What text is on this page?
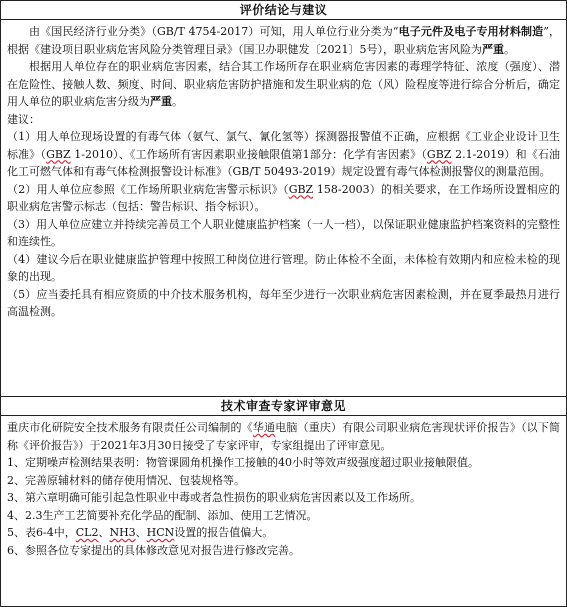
评价结论与建议

由《国民经济行业分类》（GB/T 4754-2017）可知，用人单位行业分类为“电子元件及电子专用材料制造”，根据《建设项目职业病危害风险分类管理目录》（国卫办职健发〔2021〕5号），职业病危害风险为严重。

根据用人单位存在的职业病危害因素，结合其工作场所存在职业病危害因素的毒理学特征、浓度（强度）、潜在危险性、接触人数、频度、时间、职业病危害防护措施和发生职业病的危（风）险程度等进行综合分析后，确定用人单位的职业病危害分级为严重。

建议：

（1）用人单位现场设置的有毒气体（氨气、氯气、氰化氢等）探测器报警值不正确，应根据《工业企业设计卫生标准》（GBZ 1-2010）、《工作场所有害因素职业接触限值第1部分：化学有害因素》（GBZ 2.1-2019）和《石油化工可燃气体和有毒气体检测报警设计标准》（GB/T 50493-2019）规定设置有毒气体检测报警仪的测量范围。

（2）用人单位应参照《工作场所职业病危害警示标识》（GBZ 158-2003）的相关要求，在工作场所设置相应的职业病危害警示标志（包括：警告标识、指令标识）。

（3）用人单位应建立并持续完善员工个人职业健康监护档案（一人一档），以保证职业健康监护档案资料的完整性和连续性。

（4）建议今后在职业健康监护管理中按照工种岗位进行管理。防止体检不全面，未体检有效期内和应检未检的现象的出现。

（5）应当委托具有相应资质的中介技术服务机构，每年至少进行一次职业病危害因素检测，并在夏季最热月进行高温检测。

技术审查专家评审意见

重庆市化研院安全技术服务有限责任公司编制的《华通电脑（重庆）有限公司职业病危害现状评价报告》（以下简称《评价报告》）于2021年3月30日接受了专家评审，专家组提出了评审意见。

1、定期噪声检测结果表明：物管课圆角机操作工接触的40小时等效声级强度超过职业接触限值。

2、完善原辅材料的储存使用情况、包装规格等。

3、第六章明确可能引起急性职业中毒或者急性损伤的职业病危害因素以及工作场所。

4、2.3生产工艺简要补充化学品的配制、添加、使用工艺情况。

5、表6-4中，CL2、NH3、HCN设置的报告值偏大。

6、参照各位专家提出的具体修改意见对报告进行修改完善。
